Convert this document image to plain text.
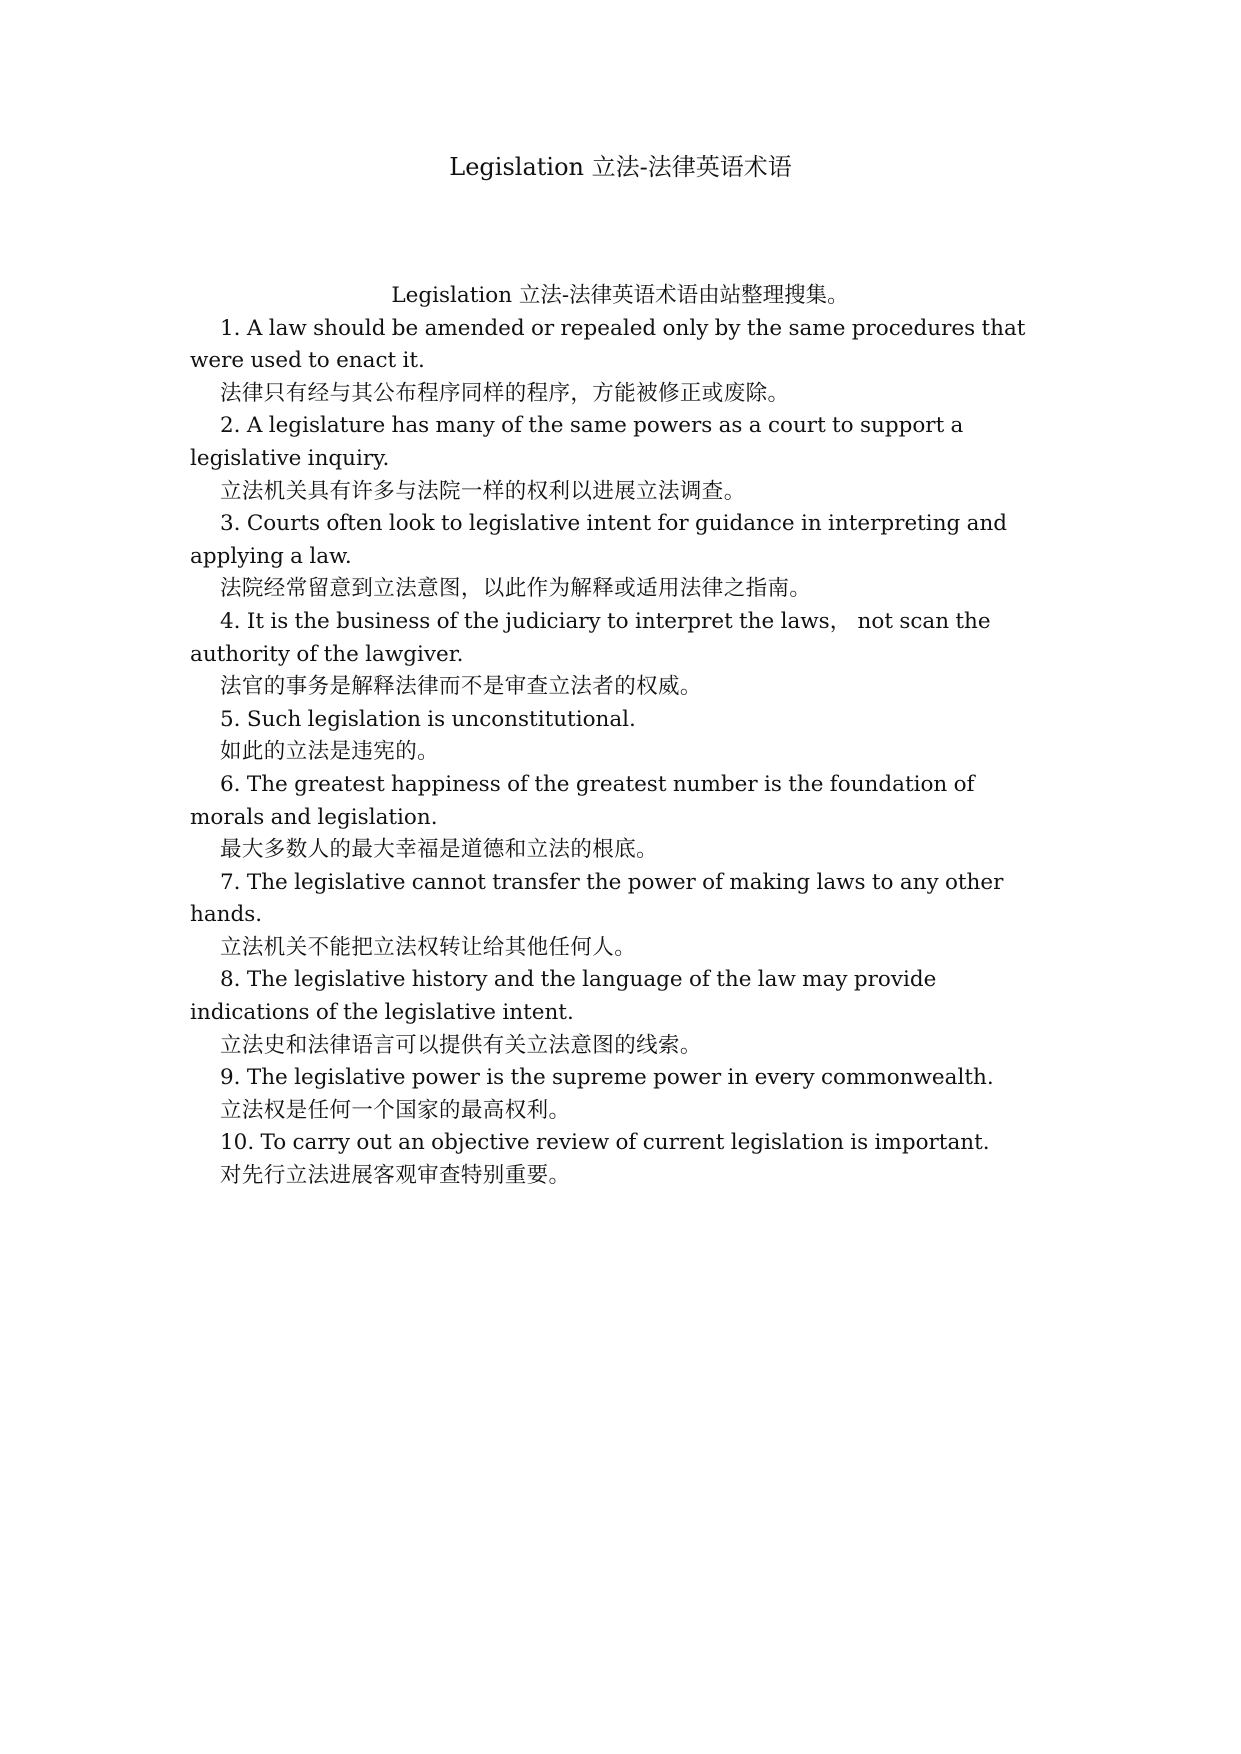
Legislation 立法-法律英语术语

Legislation 立法-法律英语术语由站整理搜集。

1. A law should be amended or repealed only by the same procedures that were used to enact it.

法律只有经与其公布程序同样的程序，方能被修正或废除。

2. A legislature has many of the same powers as a court to support a legislative inquiry.

立法机关具有许多与法院一样的权利以进展立法调查。

3. Courts often look to legislative intent for guidance in interpreting and applying a law.

法院经常留意到立法意图，以此作为解释或适用法律之指南。

4. It is the business of the judiciary to interpret the laws， not scan the authority of the lawgiver.

法官的事务是解释法律而不是审查立法者的权威。

5. Such legislation is unconstitutional.

如此的立法是违宪的。

6. The greatest happiness of the greatest number is the foundation of morals and legislation.

最大多数人的最大幸福是道德和立法的根底。

7. The legislative cannot transfer the power of making laws to any other hands.

立法机关不能把立法权转让给其他任何人。

8. The legislative history and the language of the law may provide indications of the legislative intent.

立法史和法律语言可以提供有关立法意图的线索。

9. The legislative power is the supreme power in every commonwealth.

立法权是任何一个国家的最高权利。

10. To carry out an objective review of current legislation is important.

对先行立法进展客观审查特别重要。
